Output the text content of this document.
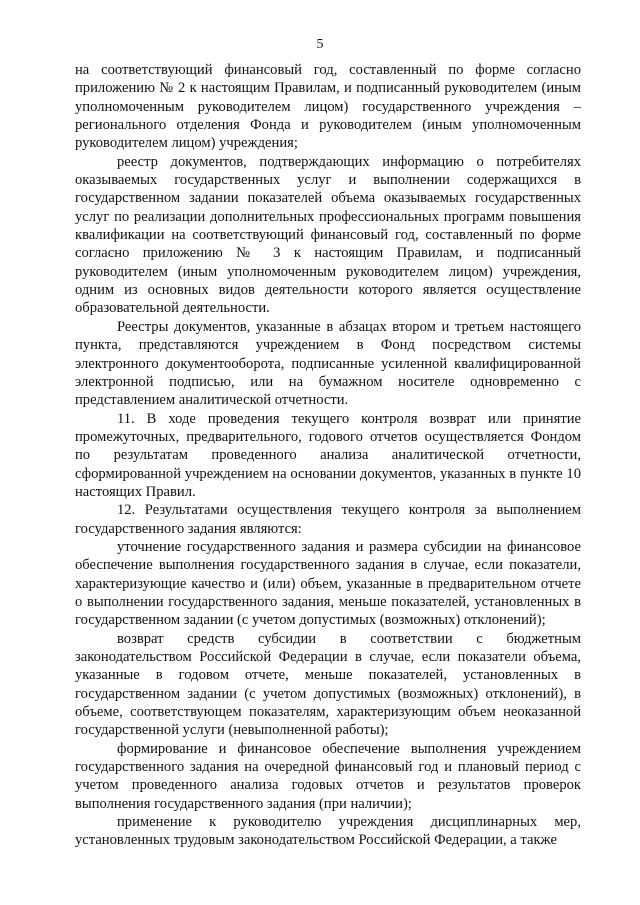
5

на соответствующий финансовый год, составленный по форме согласно приложению № 2 к настоящим Правилам, и подписанный руководителем (иным уполномоченным руководителем лицом) государственного учреждения – регионального отделения Фонда и руководителем (иным уполномоченным руководителем лицом) учреждения;

реестр документов, подтверждающих информацию о потребителях оказываемых государственных услуг и выполнении содержащихся в государственном задании показателей объема оказываемых государственных услуг по реализации дополнительных профессиональных программ повышения квалификации на соответствующий финансовый год, составленный по форме согласно приложению № 3 к настоящим Правилам, и подписанный руководителем (иным уполномоченным руководителем лицом) учреждения, одним из основных видов деятельности которого является осуществление образовательной деятельности.

Реестры документов, указанные в абзацах втором и третьем настоящего пункта, представляются учреждением в Фонд посредством системы электронного документооборота, подписанные усиленной квалифицированной электронной подписью, или на бумажном носителе одновременно с представлением аналитической отчетности.

11. В ходе проведения текущего контроля возврат или принятие промежуточных, предварительного, годового отчетов осуществляется Фондом по результатам проведенного анализа аналитической отчетности, сформированной учреждением на основании документов, указанных в пункте 10 настоящих Правил.

12. Результатами осуществления текущего контроля за выполнением государственного задания являются:

уточнение государственного задания и размера субсидии на финансовое обеспечение выполнения государственного задания в случае, если показатели, характеризующие качество и (или) объем, указанные в предварительном отчете о выполнении государственного задания, меньше показателей, установленных в государственном задании (с учетом допустимых (возможных) отклонений);

возврат средств субсидии в соответствии с бюджетным законодательством Российской Федерации в случае, если показатели объема, указанные в годовом отчете, меньше показателей, установленных в государственном задании (с учетом допустимых (возможных) отклонений), в объеме, соответствующем показателям, характеризующим объем неоказанной государственной услуги (невыполненной работы);

формирование и финансовое обеспечение выполнения учреждением государственного задания на очередной финансовый год и плановый период с учетом проведенного анализа годовых отчетов и результатов проверок выполнения государственного задания (при наличии);

применение к руководителю учреждения дисциплинарных мер, установленных трудовым законодательством Российской Федерации, а также
